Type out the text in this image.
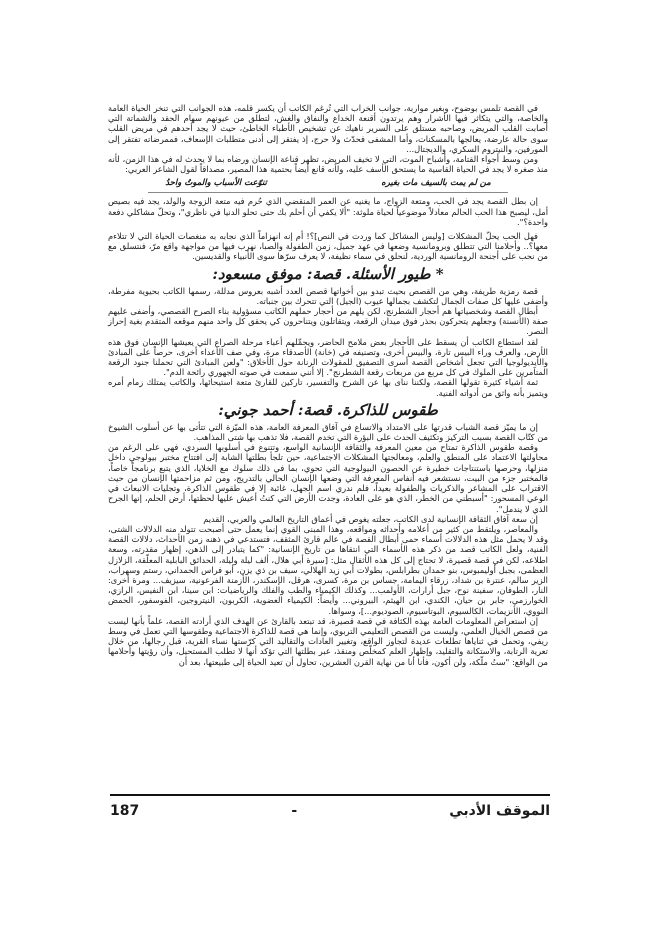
في القصة تلمس بوضوح، وبغير مواربة، جوانب الخراب التي تُرغم الكاتب أن يكسر قلمه، هذه الجوانب التي تنخر الحياة العامة والخاصة، والتي يتكاثر فيها الأشرار وهم يرتدون أقنعة الخداع والنفاق والغش، لتطلق من عيونهم سهام الحقد والشماتة التي أصابت القلب المريض، وصاحبه مستلق على السرير ناهيك عن تشخيص الأطباء الخاطئ، حيث لا يجد أحدهم في مريض القلب سوى حالة عارضة، يعالجها بالمسكنات، وأما المشفى فحدّث ولا حرج، إذ يفتقر إلى أدنى متطلبات الإسعاف، فممرضاته تفتقر إلى المورفين، والنيتروم السكري، والديجتال...

ومن وسط أجواء القتامة، وأشباح الموت، التي لا تخيف المريض، تظهر قناعة الإنسان ورضاه بما لا يحدث له في هذا الزمن، لأنه منذ صغره لا يجد في الحياة القاسية ما يستحق الأسف عليه، ولأنه قانع أيضاً بحتمية هذا المصير، مصداقاً لقول الشاعر العربي:

من لم يمت بالسيف مات بغيره
تنوّعت الأسباب والموتُ واحدُ

إن بطل القصة يجد في الحب، ومتعة الزواج، ما يغنيه عن العمر المنقضي الذي حُرم فيه متعة الزوجة والولد، يجد فيه بصيص أمل، ليصبح هذا الحب الحالم معادلاً موضوعياً لحياة ملوثة: "ألا يكفي أن أحلم بك حتى تحلو الدنيا في ناظري"، وتحلّ مشاكلي دفعة واحدة؟".

فهل الحب يحلّ المشكلات [وليس المشاكل كما وردت في النص]؟! أم إنه انهزاماً الذي نجابه به منغصات الحياة التي لا تتلاءم معها؟.. وأحلامنا التي تتطلق وبرومانسية وضعها في عهد جميل، زمن الطفولة والصبا، نهرب فيها من مواجهة واقع مرّ، فنتسلق مع من نحب على أجنحة الرومانسية الوردية، لنحلق في سماء نظيفة، لا يعرف سرّها سوى الأنبياء والقديسين.

* طيور الأسئلة. قصة: موفق مسعود:

قصة رمزية طريفة، وهي من القصص بحيث تبدو بين أخواتها قصص العدد أشبه بعروس مدللة، رسمها الكاتب بحيوية مفرطة، وأضفى عليها كل صفات الجمال لتكشف بجمالها عيوب (الجيل) التي تتحرك بين جنباته.

أبطال القصة وشخصياتها هم أحجار الشطرنج، لكن يلهم من أحجار حملهم الكاتب مسؤولية بناء الصرح القصصي، وأضفى عليهم صفة (الأنسنة) وجعلهم يتحركون بحذر فوق ميدان الرقعة، ويتقاتلون ويتناحرون كي يحقق كل واحد منهم موقعه المتقدم بغية إحراز النصر.

لقد استطاع الكاتب أن يسقط على الأحجار بعض ملامح الحاضر، ويحمِّلهم أعباء مرحلة الصراع التي يعيشها الإنسان فوق هذه الأرض، والعرف وراء البيس تارة، والبيس أخرى، وتصنيفه في (خانة) الأصدقاء مرة، وفي صف الأعداء أخرى، حرصاً على المبادئ والأيديولوجيا التي تجعل أشخاص القصة أسرى التصفيق للمقولات الرنانة حول الأخلاق: "ولعن المبادئ التي تحملنا جنود الرقعة المتآمرين على الملوك في كل مربع من مربعات رقعة الشطرنج". إلا أنني سمعت في صوته الجهوري رائحة الدم".

ثمة أشياء كثيرة تقولها القصة، ولكننا نناى بها عن الشرح والتفسير، تاركين للقارئ متعة استيحائها، والكاتب يمتلك زمام أمره ويتميز بأنه واثق من أدواته الفنية.

طقوس للذاكرة. قصة: أحمد جوني:

إن ما يميّز قصة الشباب قدرتها على الامتداد والاتساع في آفاق المعرفة العامة، هذه الميّزة التي تتأتى بها عن أسلوب الشيوخ من كتّاب القصة بسبب التركيز وتكثيف الحدث على البؤرة التي تخدم القصة، فلا تذهب بها شتى المذاهب.

وقصة طقوس الذاكرة تمتاح من معين المعرفة والثقافة الإنسانية الواسع، وتتنوع في أسلوبها السردي، فهي على الرغم من محاولتها الاعتماد على المنطق والعلم، ومعالجتها المشكلات الاجتماعية، حين تلجأ بطلتها الشابة إلى افتتاح مختبر بيولوجي داخل منزلها، وحرصها باستنتاجات خطيرة عن الحصون البيولوجية التي تحوي، بما في ذلك سلوك مع الخلايا، الذي يتبع برنامجاً خاصاً، فالمختبر جزء من البيت، نستشعر فيه أنفاس المعرفة التي وضعها الإنسان الحالي بالتدريج، ومن ثم مزاحمتها الإنسان من حيث الاقتراب على المشاعر والذكريات والطفولة بعيداً، فلم ندري اسم الجهل، غائبة إلا في طقوس الذاكرة، وتجليات الانبعاث في الوعي المسحور: "أسبطني من الخطر، الذي هو على العادة، وجدت الأرض التي كنتُ أعيش عليها لحظتها، أرض الحلم، إنها الجرح الذي لا يندمل".

إن سعة آفاق الثقافة الإنسانية لدى الكاتب، جعلته يغوص في أعماق التاريخ العالمي والعربي، القديم

والمعاصر، ويلتقط من كثير من أعلامه وأحداثه ومواقعه، وهذا المبنى القوي إنما يعمل حتى أصبحت تتولد منه الدلالات الشتى، وقد لا يحمل مثل هذه الدلالات أسماء حمى أبطال القصة في عالم قارئ المثقف، فتستدعي في ذهنه زمن الأحداث، دلالات القصة الفنية، ولعل الكاتب قصد من ذكر هذه الأسماء التي انتقاها من تاريخ الإنسانية: "كما يتبادر إلى الذهن، إظهار مقدرته، وسعة اطلاعه، لكن في قصة قصيرة، لا تحتاج إلى كل هذه الأثقال مثل: [سيرة أبي هلال، ألف ليلة وليلة، الحدائق البابلية المعلّقة، الزلازل العظمى، بجبل أوليمبوس، بنو حمدان بطرابلس، بطولات أبي زيد الهلالي، سيف بن ذي يزن، أبو فراس الحمداني، رستم وسهراب، الزير سالم، عنترة بن شداد، زرقاء اليمامة، جساس بن مرة، كسرى، هرقل، الإسكندر، الأزمنة الفرعونية، سيزيف... ومرة أخرى: النار، الطوفان، سفينة نوح، جبل أرارات، الأولمب... وكذلك الكيمياء والطب والفلك والرياضيات: ابن سينا، ابن النفيس، الرازي، الخوارزمي، جابر بن حيان، الكندي، ابن الهيثم، البيروني... وأيضاً: الكيمياء العضوية، الكربون، النيتروجين، الفوسفور، الحمض النووي، الأنزيمات، الكالسيوم، البوتاسيوم، الصوديوم...]، وسواها.

إن استعراض المعلومات العامة بهذه الكثافة في قصة قصيرة، قد تبتعد بالقارئ عن الهدف الذي أرادته القصة، علماً بأنها ليست من قصص الخيال العلمي، وليست من القصص التعليمي التربوي، وإنما هي قصة للذاكرة الاجتماعية وطقوسها التي تعمل في وسط ريفي، وتحمل في ثناياها تطلعات عديدة لتجاوز الواقع، وتغيير العادات والتقاليد التي كرّستها نساء القرية، قبل رجالها، من خلال تعرية الرتابة، والاستكانة والتقليد، وإظهار العلم كمخلّص ومنقذ، عبر بطلتها التي تؤكد أنها لا تطلب المستحيل، وأن رؤيتها وأحلامها من الواقع: "ستُ ملّكة، ولن أكون، فأنا أنا من نهاية القرن العشرين، تحاول أن تعيد الحياة إلى طبيعتها، بعد أن

187	-	الموقف الأدبي
